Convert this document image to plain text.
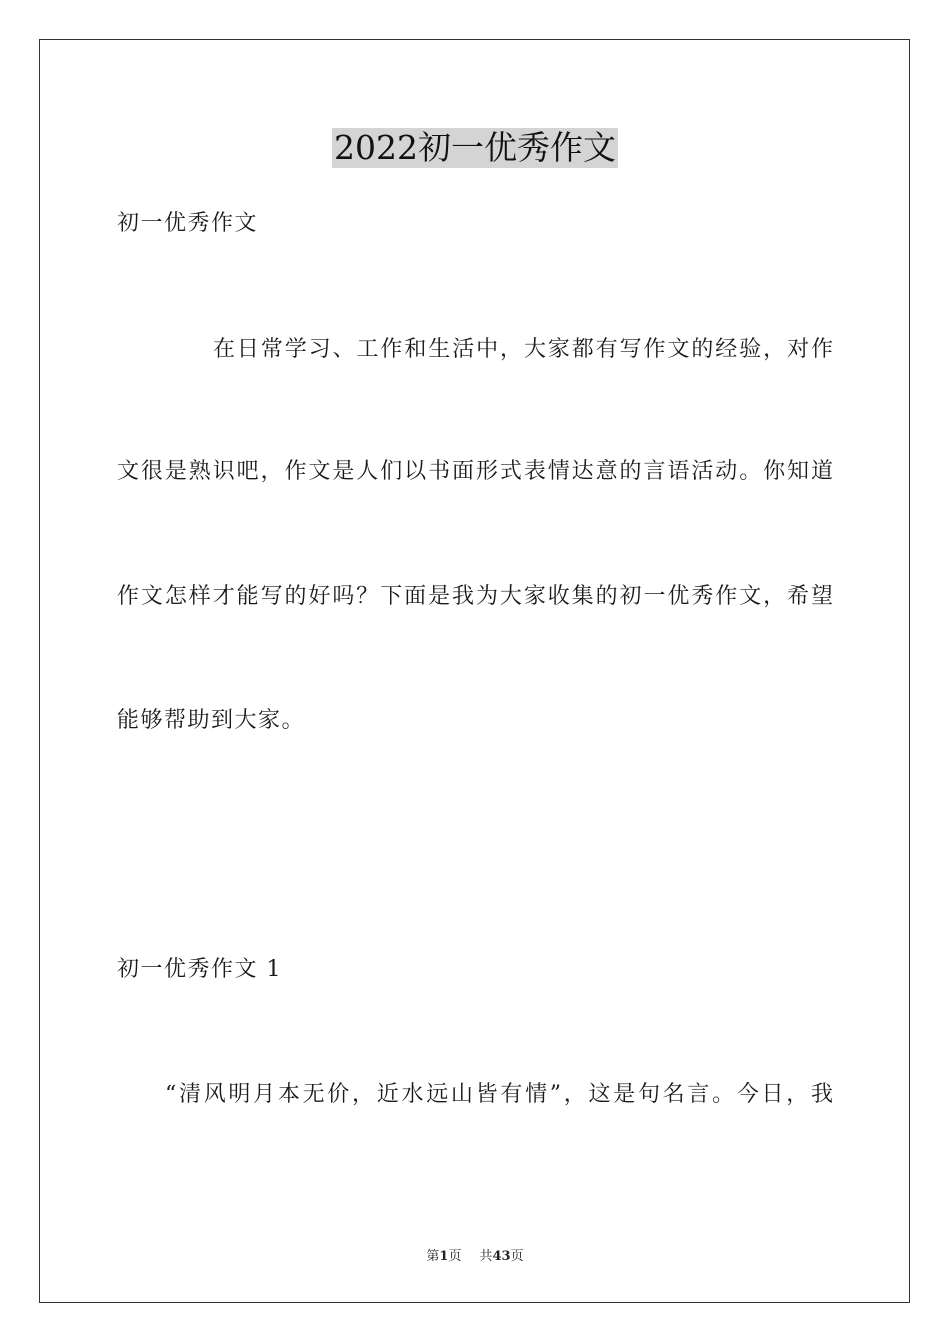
2022初一优秀作文
初一优秀作文
在日常学习、工作和生活中，大家都有写作文的经验，对作
文很是熟识吧，作文是人们以书面形式表情达意的言语活动。你知道
作文怎样才能写的好吗？下面是我为大家收集的初一优秀作文，希望
能够帮助到大家。
初一优秀作文 1
“清风明月本无价，近水远山皆有情”，这是句名言。今日，我
第1页 共43页
